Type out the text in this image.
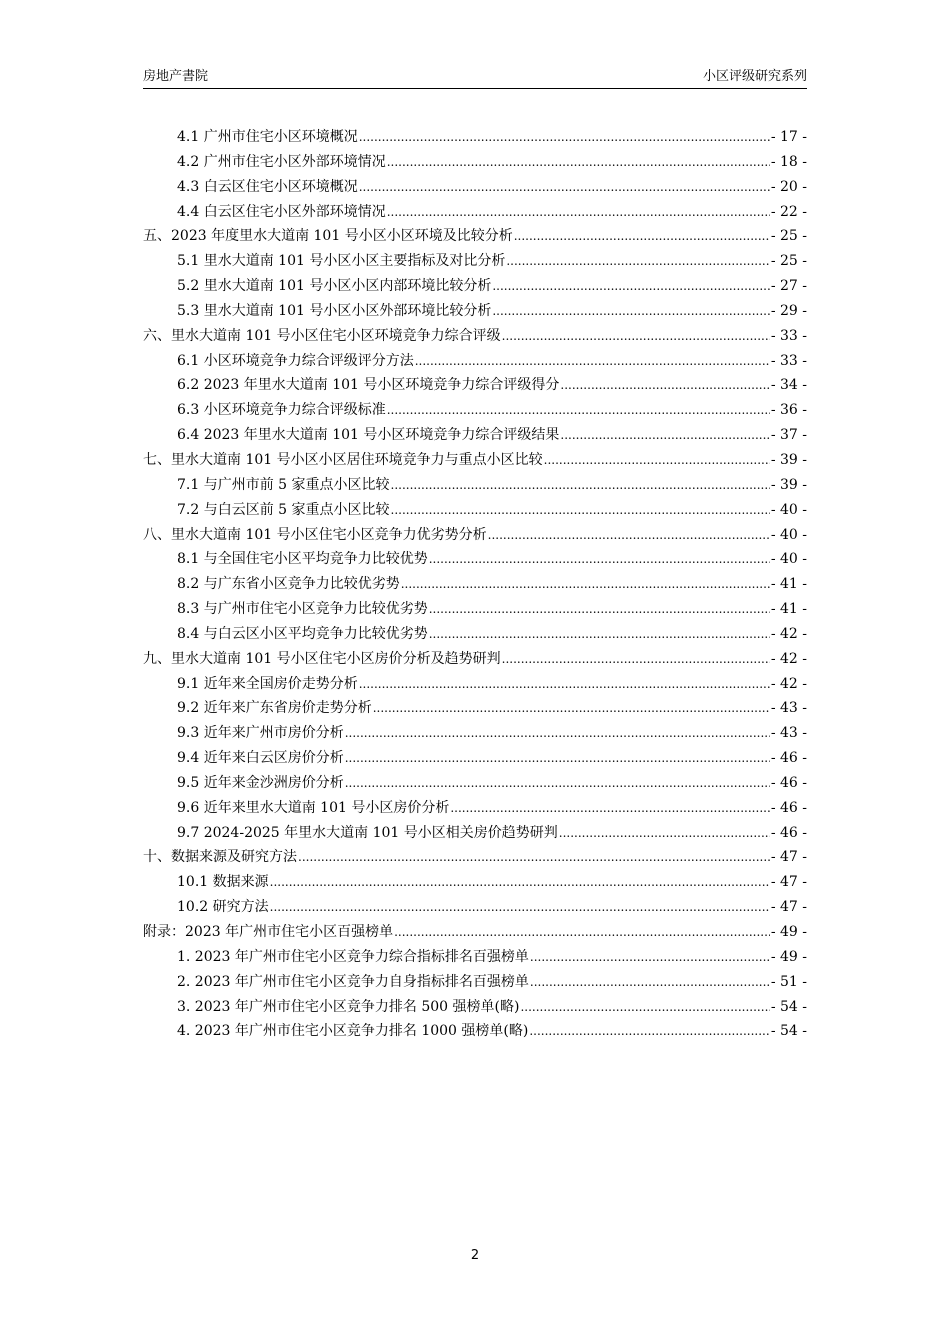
房地产書院	小区评级研究系列
4.1 广州市住宅小区环境概况 .....	- 17 -
4.2 广州市住宅小区外部环境情况 .....	- 18 -
4.3 白云区住宅小区环境概况 .....	- 20 -
4.4 白云区住宅小区外部环境情况 .....	- 22 -
五、2023 年度里水大道南 101 号小区小区环境及比较分析 .....	- 25 -
5.1 里水大道南 101 号小区小区主要指标及对比分析 .....	- 25 -
5.2 里水大道南 101 号小区小区内部环境比较分析 .....	- 27 -
5.3 里水大道南 101 号小区小区外部环境比较分析 .....	- 29 -
六、里水大道南 101 号小区住宅小区环境竞争力综合评级 .....	- 33 -
6.1 小区环境竞争力综合评级评分方法 .....	- 33 -
6.2 2023 年里水大道南 101 号小区环境竞争力综合评级得分 .....	- 34 -
6.3 小区环境竞争力综合评级标准 .....	- 36 -
6.4 2023 年里水大道南 101 号小区环境竞争力综合评级结果 .....	- 37 -
七、里水大道南 101 号小区小区居住环境竞争力与重点小区比较 .....	- 39 -
7.1 与广州市前 5 家重点小区比较 .....	- 39 -
7.2 与白云区前 5 家重点小区比较 .....	- 40 -
八、里水大道南 101 号小区住宅小区竞争力优劣势分析 .....	- 40 -
8.1 与全国住宅小区平均竞争力比较优势 .....	- 40 -
8.2 与广东省小区竞争力比较优劣势 .....	- 41 -
8.3 与广州市住宅小区竞争力比较优劣势 .....	- 41 -
8.4 与白云区小区平均竞争力比较优劣势 .....	- 42 -
九、里水大道南 101 号小区住宅小区房价分析及趋势研判 .....	- 42 -
9.1 近年来全国房价走势分析 .....	- 42 -
9.2 近年来广东省房价走势分析 .....	- 43 -
9.3 近年来广州市房价分析 .....	- 43 -
9.4 近年来白云区房价分析 .....	- 46 -
9.5 近年来金沙洲房价分析 .....	- 46 -
9.6 近年来里水大道南 101 号小区房价分析 .....	- 46 -
9.7 2024-2025 年里水大道南 101 号小区相关房价趋势研判 .....	- 46 -
十、数据来源及研究方法 .....	- 47 -
10.1 数据来源 .....	- 47 -
10.2 研究方法 .....	- 47 -
附录：2023 年广州市住宅小区百强榜单 .....	- 49 -
1. 2023 年广州市住宅小区竞争力综合指标排名百强榜单 .....	- 49 -
2. 2023 年广州市住宅小区竞争力自身指标排名百强榜单 .....	- 51 -
3. 2023 年广州市住宅小区竞争力排名 500 强榜单(略) .....	- 54 -
4. 2023 年广州市住宅小区竞争力排名 1000 强榜单(略) .....	- 54 -
2
